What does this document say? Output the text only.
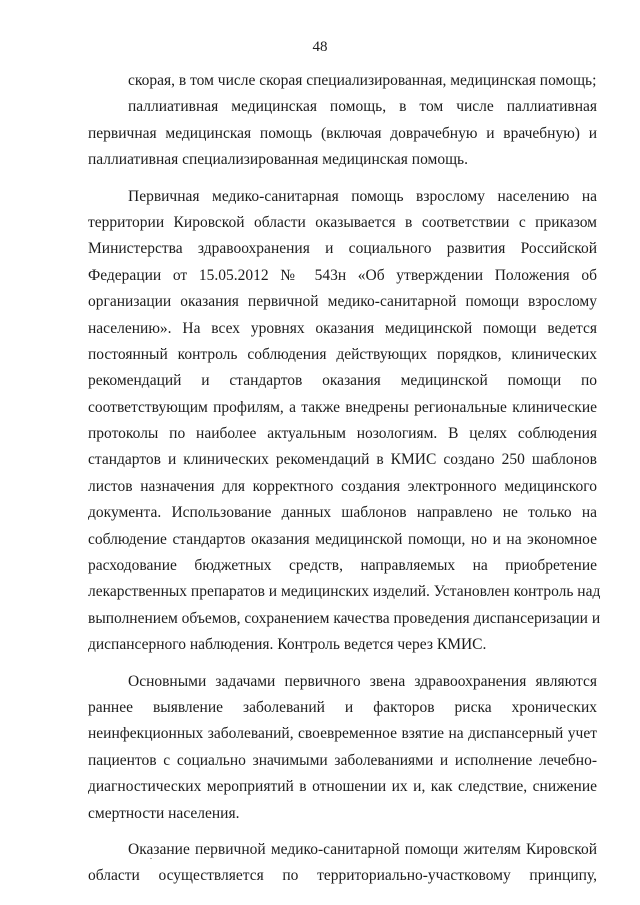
48
скорая, в том числе скорая специализированная, медицинская помощь;
паллиативная медицинская помощь, в том числе паллиативная
первичная медицинская помощь (включая доврачебную и врачебную) и
паллиативная специализированная медицинская помощь.
Первичная медико-санитарная помощь взрослому населению на
территории Кировской области оказывается в соответствии с приказом
Министерства здравоохранения и социального развития Российской
Федерации от 15.05.2012 № 543н «Об утверждении Положения об
организации оказания первичной медико-санитарной помощи взрослому
населению». На всех уровнях оказания медицинской помощи ведется
постоянный контроль соблюдения действующих порядков, клинических
рекомендаций и стандартов оказания медицинской помощи по
соответствующим профилям, а также внедрены региональные клинические
протоколы по наиболее актуальным нозологиям. В целях соблюдения
стандартов и клинических рекомендаций в КМИС создано 250 шаблонов
листов назначения для корректного создания электронного медицинского
документа. Использование данных шаблонов направлено не только на
соблюдение стандартов оказания медицинской помощи, но и на экономное
расходование бюджетных средств, направляемых на приобретение
лекарственных препаратов и медицинских изделий. Установлен контроль над
выполнением объемов, сохранением качества проведения диспансеризации и
диспансерного наблюдения. Контроль ведется через КМИС.
Основными задачами первичного звена здравоохранения являются
раннее выявление заболеваний и факторов риска хронических
неинфекционных заболеваний, своевременное взятие на диспансерный учет
пациентов с социально значимыми заболеваниями и исполнение лечебно-
диагностических мероприятий в отношении их и, как следствие, снижение
смертности населения.
Оказание первичной медико-санитарной помощи жителям Кировской
области осуществляется по территориально-участковому принципу,
